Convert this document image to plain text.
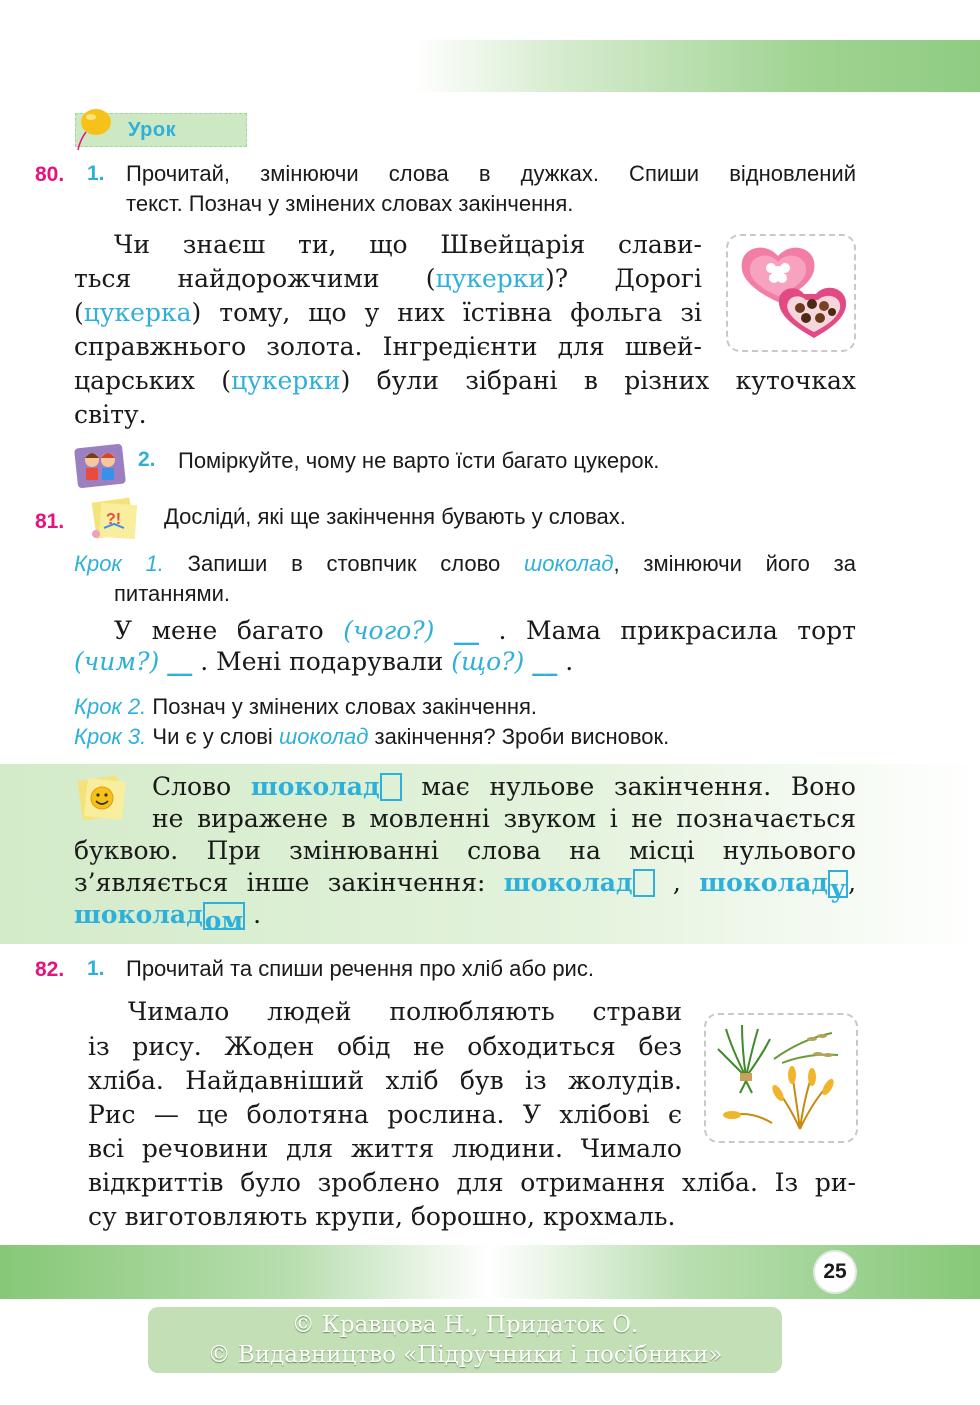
Урок
80. 1. Прочитай, змінюючи слова в дужках. Спиши відновлений
текст. Познач у змінених словах закінчення.
Чи знаєш ти, що Швейцарія слави-
ться найдорожчими (цукерки)? Дорогі
(цукерка) тому, що у них їстівна фольга зі
справжнього золота. Інгредієнти для швей-
царських (цукерки) були зібрані в різних куточках
світу.
2. Поміркуйте, чому не варто їсти багато цукерок.
81.	?! Досліди́, які ще закінчення бувають у словах.
Крок 1. Запиши в стовпчик слово шоколад, змінюючи його за
питаннями.
У мене багато (чого?) __ . Мама прикрасила торт
(чим?) __ . Мені подарували (що?) __ .
Крок 2. Познач у змінених словах закінчення.
Крок 3. Чи є у слові шоколад закінчення? Зроби висновок.
Слово шоколад має нульове закінчення. Воно
не виражене в мовленні звуком і не позначається
буквою. При змінюванні слова на місці нульового
з’являється інше закінчення: шоколад , шоколаду,
шоколадом .
82. 1. Прочитай та спиши речення про хліб або рис.
Чимало людей полюбляють страви
із рису. Жоден обід не обходиться без
хліба. Найдавніший хліб був із жолудів.
Рис — це болотяна рослина. У хлібові є
всі речовини для життя людини. Чимало
відкриттів було зроблено для отримання хліба. Із ри-
су виготовляють крупи, борошно, крохмаль.
25
© Кравцова Н., Придаток О.
© Видавництво «Підручники і посібники»
